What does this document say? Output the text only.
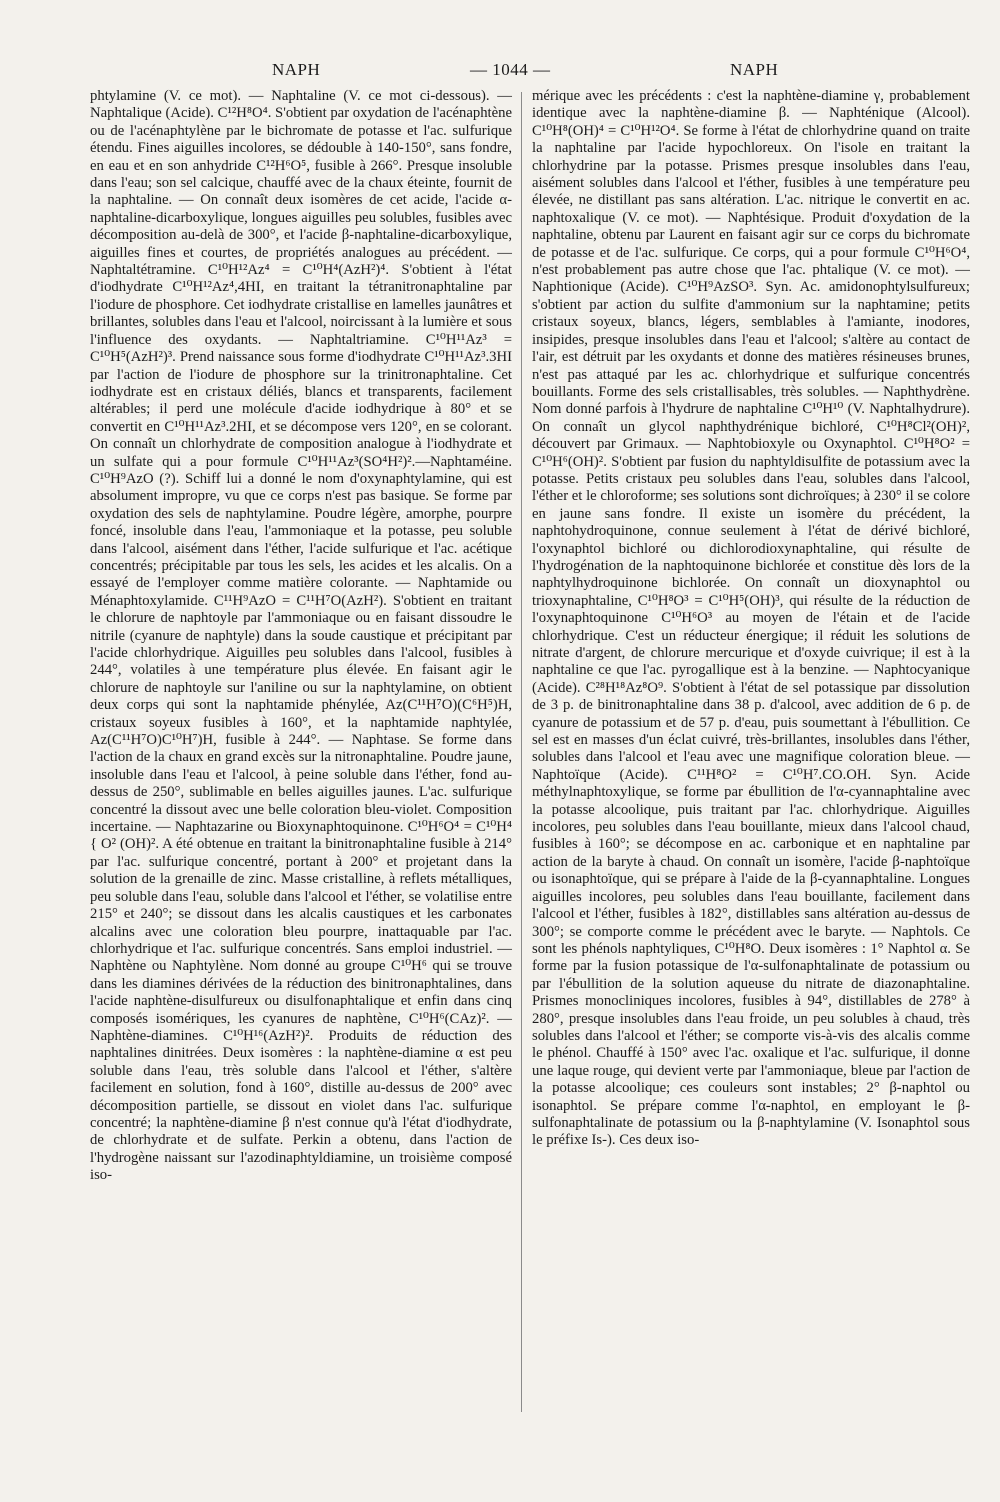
NAPH	— 1044 —	NAPH

phtylamine (V. ce mot). — Naphtaline (V. ce mot ci-dessous). — Naphtalique (Acide). C¹²H⁸O⁴. S'obtient par oxydation de l'acénaphtène ou de l'acénaphtylène par le bichromate de potasse et l'ac. sulfurique étendu. Fines aiguilles incolores, se dédouble à 140-150°, sans fondre, en eau et en son anhydride C¹²H⁶O⁵, fusible à 266°. Presque insoluble dans l'eau; son sel calcique, chauffé avec de la chaux éteinte, fournit de la naphtaline. — On connaît deux isomères de cet acide, l'acide α-naphtaline-dicarboxylique, longues aiguilles peu solubles, fusibles avec décomposition au-delà de 300°, et l'acide β-naphtaline-dicarboxylique, aiguilles fines et courtes, de propriétés analogues au précédent. — Naphtaltétramine. C¹⁰H¹²Az⁴ = C¹⁰H⁴(AzH²)⁴. S'obtient à l'état d'iodhydrate C¹⁰H¹²Az⁴,4HI, en traitant la tétranitronaphtaline par l'iodure de phosphore. Cet iodhydrate cristallise en lamelles jaunâtres et brillantes, solubles dans l'eau et l'alcool, noircissant à la lumière et sous l'influence des oxydants. — Naphtaltriamine. C¹⁰H¹¹Az³ = C¹⁰H⁵(AzH²)³. Prend naissance sous forme d'iodhydrate C¹⁰H¹¹Az³.3HI par l'action de l'iodure de phosphore sur la trinitronaphtaline. Cet iodhydrate est en cristaux déliés, blancs et transparents, facilement altérables; il perd une molécule d'acide iodhydrique à 80° et se convertit en C¹⁰H¹¹Az³.2HI, et se décompose vers 120°, en se colorant. On connaît un chlorhydrate de composition analogue à l'iodhydrate et un sulfate qui a pour formule C¹⁰H¹¹Az³(SO⁴H²)².—Naphtaméine. C¹⁰H⁹AzO (?). Schiff lui a donné le nom d'oxynaphtylamine, qui est absolument impropre, vu que ce corps n'est pas basique. Se forme par oxydation des sels de naphtylamine. Poudre légère, amorphe, pourpre foncé, insoluble dans l'eau, l'ammoniaque et la potasse, peu soluble dans l'alcool, aisément dans l'éther, l'acide sulfurique et l'ac. acétique concentrés; précipitable par tous les sels, les acides et les alcalis. On a essayé de l'employer comme matière colorante. — Naphtamide ou Ménaphtoxylamide. C¹¹H⁹AzO = C¹¹H⁷O(AzH²). S'obtient en traitant le chlorure de naphtoyle par l'ammoniaque ou en faisant dissoudre le nitrile (cyanure de naphtyle) dans la soude caustique et précipitant par l'acide chlorhydrique. Aiguilles peu solubles dans l'alcool, fusibles à 244°, volatiles à une température plus élevée. En faisant agir le chlorure de naphtoyle sur l'aniline ou sur la naphtylamine, on obtient deux corps qui sont la naphtamide phénylée, Az(C¹¹H⁷O)(C⁶H⁵)H, cristaux soyeux fusibles à 160°, et la naphtamide naphtylée, Az(C¹¹H⁷O)C¹⁰H⁷)H, fusible à 244°. — Naphtase. Se forme dans l'action de la chaux en grand excès sur la nitronaphtaline. Poudre jaune, insoluble dans l'eau et l'alcool, à peine soluble dans l'éther, fond au-dessus de 250°, sublimable en belles aiguilles jaunes. L'ac. sulfurique concentré la dissout avec une belle coloration bleu-violet. Composition incertaine. — Naphtazarine ou Bioxynaphtoquinone. C¹⁰H⁶O⁴ = C¹⁰H⁴ { O² (OH)². A été obtenue en traitant la binitronaphtaline fusible à 214° par l'ac. sulfurique concentré, portant à 200° et projetant dans la solution de la grenaille de zinc. Masse cristalline, à reflets métalliques, peu soluble dans l'eau, soluble dans l'alcool et l'éther, se volatilise entre 215° et 240°; se dissout dans les alcalis caustiques et les carbonates alcalins avec une coloration bleu pourpre, inattaquable par l'ac. chlorhydrique et l'ac. sulfurique concentrés. Sans emploi industriel. — Naphtène ou Naphtylène. Nom donné au groupe C¹⁰H⁶ qui se trouve dans les diamines dérivées de la réduction des binitronaphtalines, dans l'acide naphtène-disulfureux ou disulfonaphtalique et enfin dans cinq composés isomériques, les cyanures de naphtène, C¹⁰H⁶(CAz)². — Naphtène-diamines. C¹⁰H¹⁶(AzH²)². Produits de réduction des naphtalines dinitrées. Deux isomères : la naphtène-diamine α est peu soluble dans l'eau, très soluble dans l'alcool et l'éther, s'altère facilement en solution, fond à 160°, distille au-dessus de 200° avec décomposition partielle, se dissout en violet dans l'ac. sulfurique concentré; la naphtène-diamine β n'est connue qu'à l'état d'iodhydrate, de chlorhydrate et de sulfate. Perkin a obtenu, dans l'action de l'hydrogène naissant sur l'azodinaphtyldiamine, un troisième composé iso-

mérique avec les précédents : c'est la naphtène-diamine γ, probablement identique avec la naphtène-diamine β. — Naphténique (Alcool). C¹⁰H⁸(OH)⁴ = C¹⁰H¹²O⁴. Se forme à l'état de chlorhydrine quand on traite la naphtaline par l'acide hypochloreux. On l'isole en traitant la chlorhydrine par la potasse. Prismes presque insolubles dans l'eau, aisément solubles dans l'alcool et l'éther, fusibles à une température peu élevée, ne distillant pas sans altération. L'ac. nitrique le convertit en ac. naphtoxalique (V. ce mot). — Naphtésique. Produit d'oxydation de la naphtaline, obtenu par Laurent en faisant agir sur ce corps du bichromate de potasse et de l'ac. sulfurique. Ce corps, qui a pour formule C¹⁰H⁶O⁴, n'est probablement pas autre chose que l'ac. phtalique (V. ce mot). — Naphtionique (Acide). C¹⁰H⁹AzSO³. Syn. Ac. amidonophtylsulfureux; s'obtient par action du sulfite d'ammonium sur la naphtamine; petits cristaux soyeux, blancs, légers, semblables à l'amiante, inodores, insipides, presque insolubles dans l'eau et l'alcool; s'altère au contact de l'air, est détruit par les oxydants et donne des matières résineuses brunes, n'est pas attaqué par les ac. chlorhydrique et sulfurique concentrés bouillants. Forme des sels cristallisables, très solubles. — Naphthydrène. Nom donné parfois à l'hydrure de naphtaline C¹⁰H¹⁰ (V. Naphtalhydrure). On connaît un glycol naphthydrénique bichloré, C¹⁰H⁸Cl²(OH)², découvert par Grimaux. — Naphtobioxyle ou Oxynaphtol. C¹⁰H⁸O² = C¹⁰H⁶(OH)². S'obtient par fusion du naphtyldisulfite de potassium avec la potasse. Petits cristaux peu solubles dans l'eau, solubles dans l'alcool, l'éther et le chloroforme; ses solutions sont dichroïques; à 230° il se colore en jaune sans fondre. Il existe un isomère du précédent, la naphtohydroquinone, connue seulement à l'état de dérivé bichloré, l'oxynaphtol bichloré ou dichlorodioxynaphtaline, qui résulte de l'hydrogénation de la naphtoquinone bichlorée et constitue dès lors de la naphtylhydroquinone bichlorée. On connaît un dioxynaphtol ou trioxynaphtaline, C¹⁰H⁸O³ = C¹⁰H⁵(OH)³, qui résulte de la réduction de l'oxynaphtoquinone C¹⁰H⁶O³ au moyen de l'étain et de l'acide chlorhydrique. C'est un réducteur énergique; il réduit les solutions de nitrate d'argent, de chlorure mercurique et d'oxyde cuivrique; il est à la naphtaline ce que l'ac. pyrogallique est à la benzine. — Naphtocyanique (Acide). C²⁸H¹⁸Az⁸O⁹. S'obtient à l'état de sel potassique par dissolution de 3 p. de binitronaphtaline dans 38 p. d'alcool, avec addition de 6 p. de cyanure de potassium et de 57 p. d'eau, puis soumettant à l'ébullition. Ce sel est en masses d'un éclat cuivré, très-brillantes, insolubles dans l'éther, solubles dans l'alcool et l'eau avec une magnifique coloration bleue. — Naphtoïque (Acide). C¹¹H⁸O² = C¹⁰H⁷.CO.OH. Syn. Acide méthylnaphtoxylique, se forme par ébullition de l'α-cyannaphtaline avec la potasse alcoolique, puis traitant par l'ac. chlorhydrique. Aiguilles incolores, peu solubles dans l'eau bouillante, mieux dans l'alcool chaud, fusibles à 160°; se décompose en ac. carbonique et en naphtaline par action de la baryte à chaud. On connaît un isomère, l'acide β-naphtoïque ou isonaphtoïque, qui se prépare à l'aide de la β-cyannaphtaline. Longues aiguilles incolores, peu solubles dans l'eau bouillante, facilement dans l'alcool et l'éther, fusibles à 182°, distillables sans altération au-dessus de 300°; se comporte comme le précédent avec le baryte. — Naphtols. Ce sont les phénols naphtyliques, C¹⁰H⁸O. Deux isomères : 1° Naphtol α. Se forme par la fusion potassique de l'α-sulfonaphtalinate de potassium ou par l'ébullition de la solution aqueuse du nitrate de diazonaphtaline. Prismes monocliniques incolores, fusibles à 94°, distillables de 278° à 280°, presque insolubles dans l'eau froide, un peu solubles à chaud, très solubles dans l'alcool et l'éther; se comporte vis-à-vis des alcalis comme le phénol. Chauffé à 150° avec l'ac. oxalique et l'ac. sulfurique, il donne une laque rouge, qui devient verte par l'ammoniaque, bleue par l'action de la potasse alcoolique; ces couleurs sont instables; 2° β-naphtol ou isonaphtol. Se prépare comme l'α-naphtol, en employant le β-sulfonaphtalinate de potassium ou la β-naphtylamine (V. Isonaphtol sous le préfixe Is-). Ces deux iso-
